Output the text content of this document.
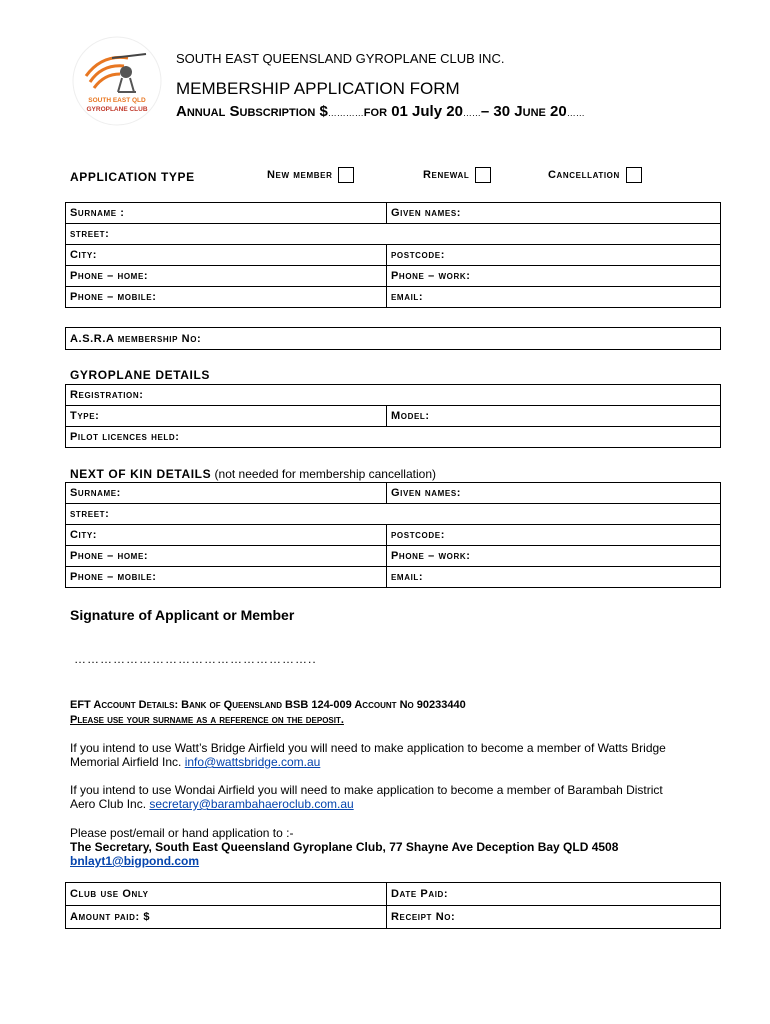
SOUTH EAST QLD
GYROPLANE CLUB
SOUTH EAST QUEENSLAND GYROPLANE CLUB INC.
MEMBERSHIP APPLICATION FORM
Annual Subscription $…………for 01 July 20……– 30 June 20……
APPLICATION TYPE	New member	Renewal	Cancellation
Surname :	Given names:
street:	
City:	postcode:
Phone – home:	Phone – work:
Phone – mobile:	email:
A.S.R.A membership No:
GYROPLANE DETAILS
Registration:
Type:	Model:
Pilot licences held:
NEXT OF KIN DETAILS (not needed for membership cancellation)
Surname:	Given names:
street:	
City:	postcode:
Phone – home:	Phone – work:
Phone – mobile:	email:
Signature of Applicant or Member
………………………………………………..
EFT Account Details: Bank of Queensland BSB 124-009 Account No 90233440
Please use your surname as a reference on the deposit.
If you intend to use Watt’s Bridge Airfield you will need to make application to become a member of Watts Bridge Memorial Airfield Inc. info@wattsbridge.com.au
If you intend to use Wondai Airfield you will need to make application to become a member of Barambah District Aero Club Inc. secretary@barambahaeroclub.com.au
Please post/email or hand application to :-
The Secretary, South East Queensland Gyroplane Club, 77 Shayne Ave Deception Bay QLD 4508
bnlayt1@bigpond.com
Club use Only	Date Paid:
Amount paid: $	Receipt No:
